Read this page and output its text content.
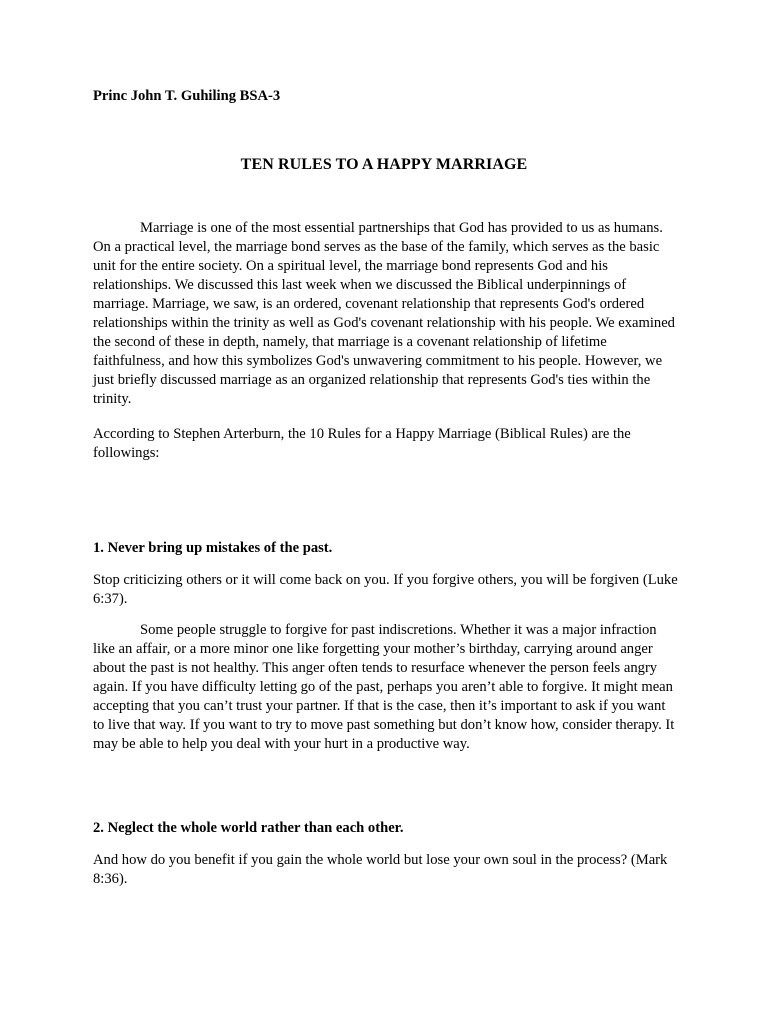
Princ John T. Guhiling BSA-3

TEN RULES TO A HAPPY MARRIAGE

Marriage is one of the most essential partnerships that God has provided to us as humans. On a practical level, the marriage bond serves as the base of the family, which serves as the basic unit for the entire society. On a spiritual level, the marriage bond represents God and his relationships. We discussed this last week when we discussed the Biblical underpinnings of marriage. Marriage, we saw, is an ordered, covenant relationship that represents God's ordered relationships within the trinity as well as God's covenant relationship with his people. We examined the second of these in depth, namely, that marriage is a covenant relationship of lifetime faithfulness, and how this symbolizes God's unwavering commitment to his people. However, we just briefly discussed marriage as an organized relationship that represents God's ties within the trinity.

According to Stephen Arterburn, the 10 Rules for a Happy Marriage (Biblical Rules) are the followings:

1. Never bring up mistakes of the past.

Stop criticizing others or it will come back on you. If you forgive others, you will be forgiven (Luke 6:37).

Some people struggle to forgive for past indiscretions. Whether it was a major infraction like an affair, or a more minor one like forgetting your mother’s birthday, carrying around anger about the past is not healthy. This anger often tends to resurface whenever the person feels angry again. If you have difficulty letting go of the past, perhaps you aren’t able to forgive. It might mean accepting that you can’t trust your partner. If that is the case, then it’s important to ask if you want to live that way. If you want to try to move past something but don’t know how, consider therapy. It may be able to help you deal with your hurt in a productive way.

2. Neglect the whole world rather than each other.

And how do you benefit if you gain the whole world but lose your own soul in the process? (Mark 8:36).
